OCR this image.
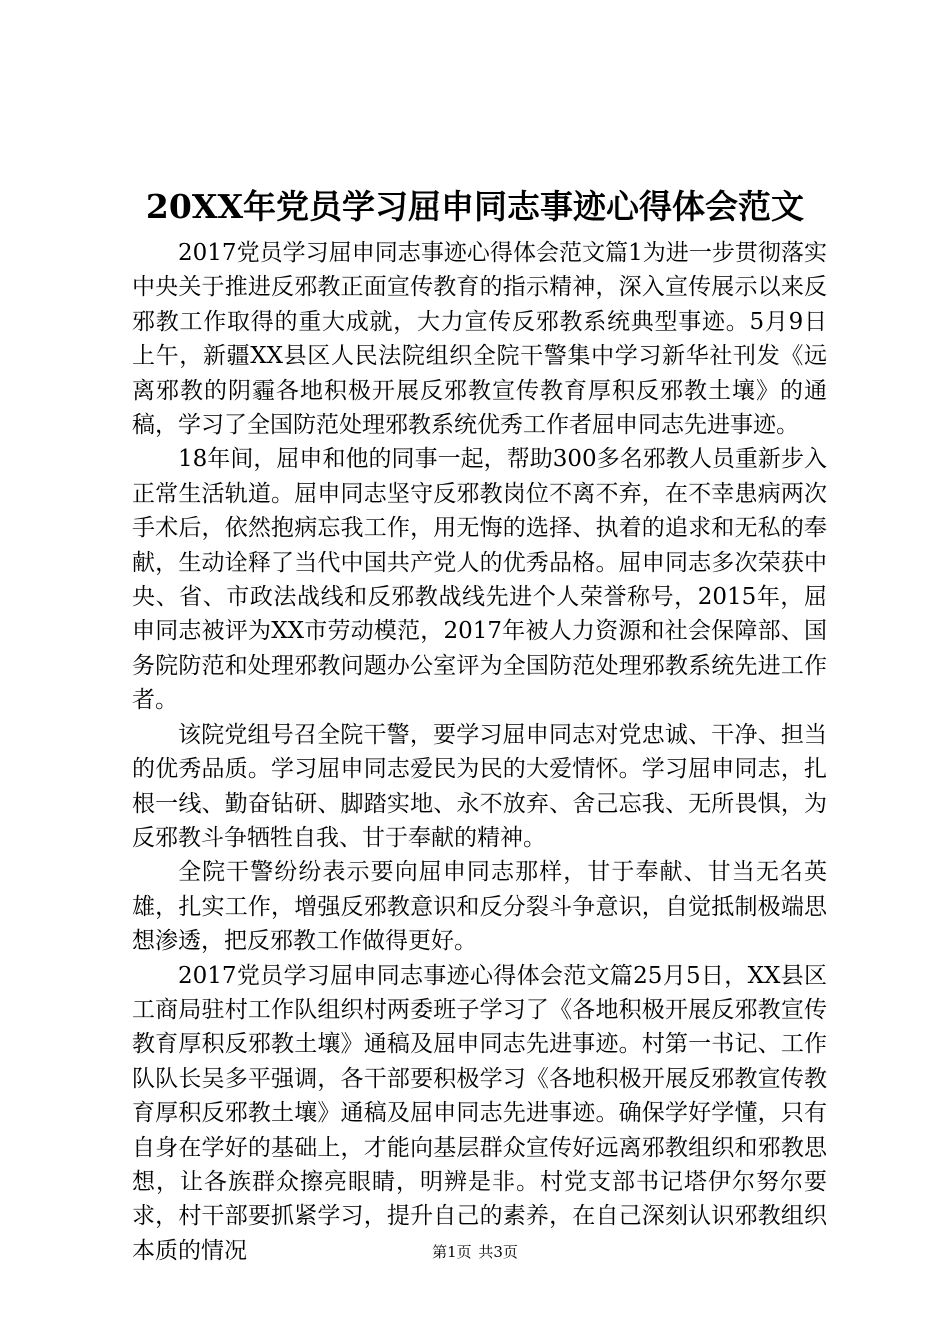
20XX年党员学习屈申同志事迹心得体会范文

2017党员学习屈申同志事迹心得体会范文篇1为进一步贯彻落实中央关于推进反邪教正面宣传教育的指示精神，深入宣传展示以来反邪教工作取得的重大成就，大力宣传反邪教系统典型事迹。5月9日上午，新疆XX县区人民法院组织全院干警集中学习新华社刊发《远离邪教的阴霾各地积极开展反邪教宣传教育厚积反邪教土壤》的通稿，学习了全国防范处理邪教系统优秀工作者屈申同志先进事迹。

18年间，屈申和他的同事一起，帮助300多名邪教人员重新步入正常生活轨道。屈申同志坚守反邪教岗位不离不弃，在不幸患病两次手术后，依然抱病忘我工作，用无悔的选择、执着的追求和无私的奉献，生动诠释了当代中国共产党人的优秀品格。屈申同志多次荣获中央、省、市政法战线和反邪教战线先进个人荣誉称号，2015年，屈申同志被评为XX市劳动模范，2017年被人力资源和社会保障部、国务院防范和处理邪教问题办公室评为全国防范处理邪教系统先进工作者。

该院党组号召全院干警，要学习屈申同志对党忠诚、干净、担当的优秀品质。学习屈申同志爱民为民的大爱情怀。学习屈申同志，扎根一线、勤奋钻研、脚踏实地、永不放弃、舍己忘我、无所畏惧，为反邪教斗争牺牲自我、甘于奉献的精神。

全院干警纷纷表示要向屈申同志那样，甘于奉献、甘当无名英雄，扎实工作，增强反邪教意识和反分裂斗争意识，自觉抵制极端思想渗透，把反邪教工作做得更好。

2017党员学习屈申同志事迹心得体会范文篇25月5日，XX县区工商局驻村工作队组织村两委班子学习了《各地积极开展反邪教宣传教育厚积反邪教土壤》通稿及屈申同志先进事迹。村第一书记、工作队队长吴多平强调，各干部要积极学习《各地积极开展反邪教宣传教育厚积反邪教土壤》通稿及屈申同志先进事迹。确保学好学懂，只有自身在学好的基础上，才能向基层群众宣传好远离邪教组织和邪教思想，让各族群众擦亮眼睛，明辨是非。村党支部书记塔伊尔努尔要求，村干部要抓紧学习，提升自己的素养，在自己深刻认识邪教组织本质的情况	第1页 共3页
